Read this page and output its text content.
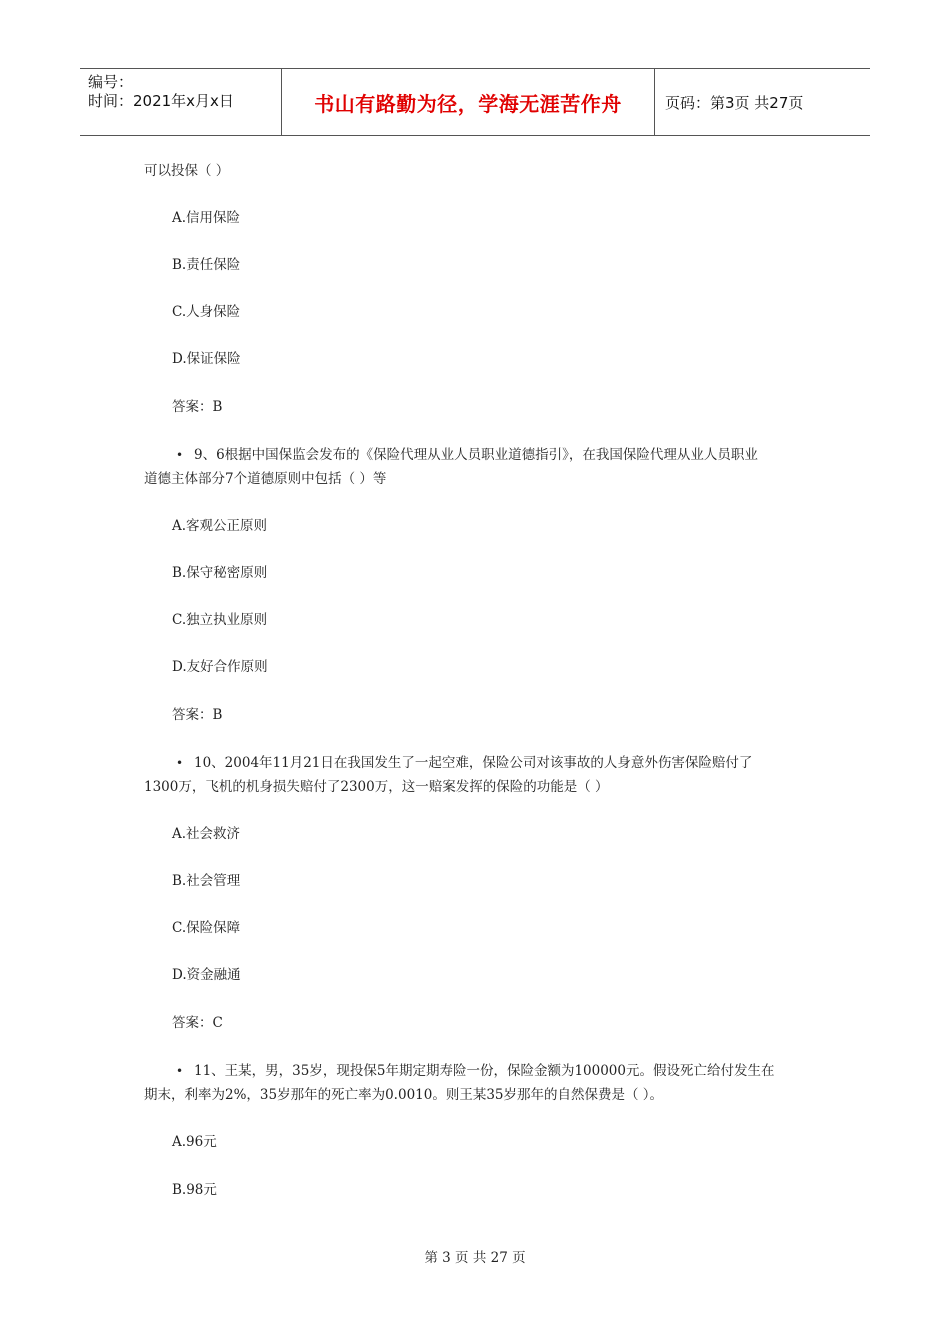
编号：
时间：2021年x月x日	书山有路勤为径，学海无涯苦作舟	页码：第3页 共27页
可以投保（ ）
A.信用保险
B.责任保险
C.人身保险
D.保证保险
答案：B
• 9、6根据中国保监会发布的《保险代理从业人员职业道德指引》，在我国保险代理从业人员职业
道德主体部分7个道德原则中包括（ ）等
A.客观公正原则
B.保守秘密原则
C.独立执业原则
D.友好合作原则
答案：B
• 10、2004年11月21日在我国发生了一起空难，保险公司对该事故的人身意外伤害保险赔付了
1300万，飞机的机身损失赔付了2300万，这一赔案发挥的保险的功能是（ ）
A.社会救济
B.社会管理
C.保险保障
D.资金融通
答案：C
• 11、王某，男，35岁，现投保5年期定期寿险一份，保险金额为100000元。假设死亡给付发生在
期末，利率为2%，35岁那年的死亡率为0.0010。则王某35岁那年的自然保费是（ ）。
A.96元
B.98元
第 3 页 共 27 页
